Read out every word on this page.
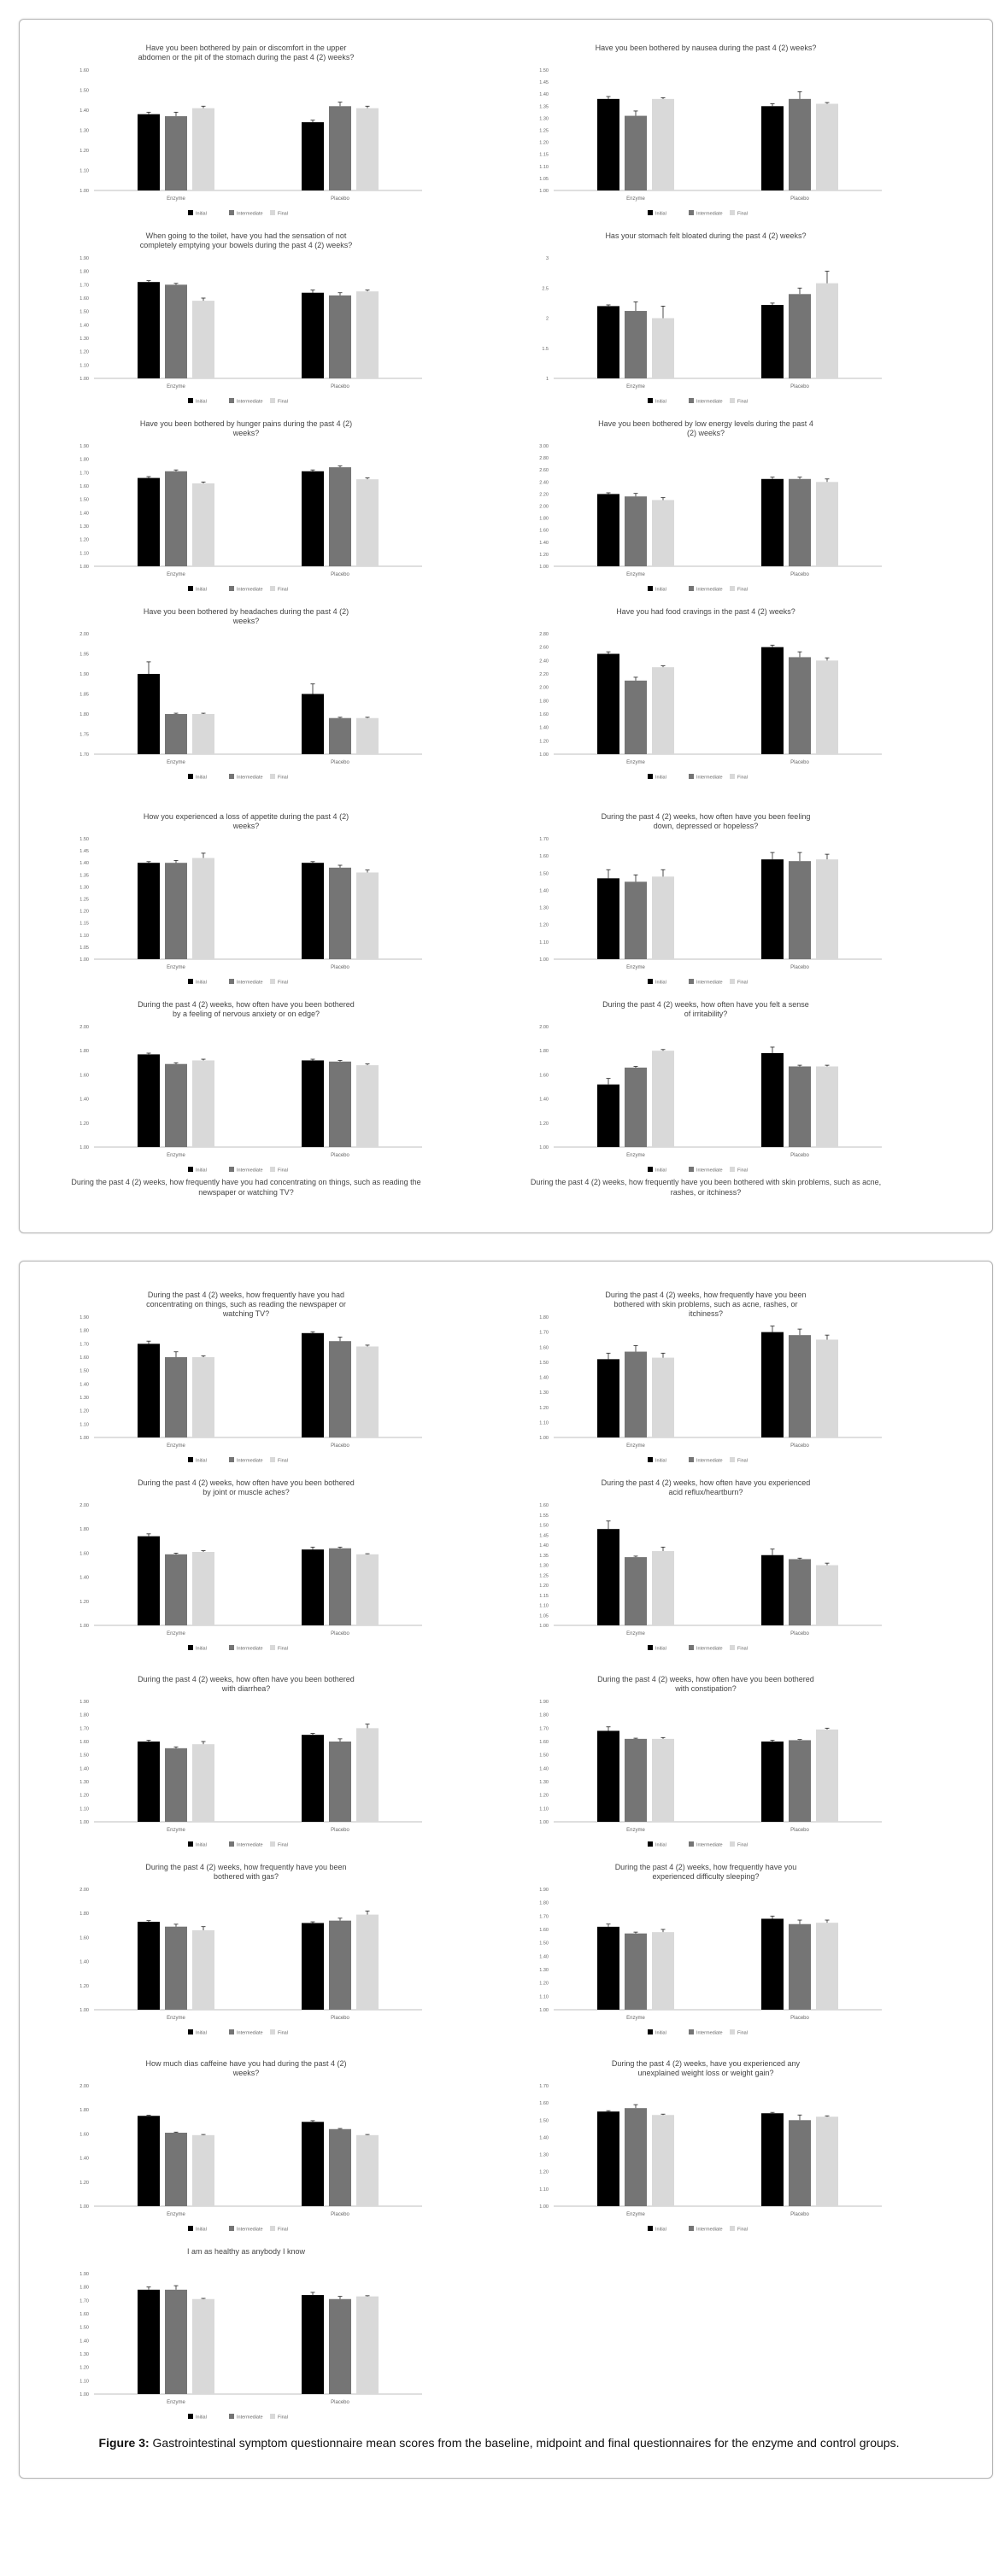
Have you been bothered by pain or discomfort in the upper abdomen or the pit of the stomach during the past 4 (2) weeks?
1.00
1.10
1.20
1.30
1.40
1.50
1.60
Enzyme	Placebo
Initial	Intermediate	Final
Have you been bothered by nausea during the past 4 (2) weeks?
1.00
1.05
1.10
1.15
1.20
1.25
1.30
1.35
1.40
1.45
1.50
Enzyme	Placebo
Initial	Intermediate	Final
When going to the toilet, have you had the sensation of not completely emptying your bowels during the past 4 (2) weeks?
1.00
1.10
1.20
1.30
1.40
1.50
1.60
1.70
1.80
1.90
Enzyme	Placebo
Initial	Intermediate	Final
Has your stomach felt bloated during the past 4 (2) weeks?
1
1.5
2
2.5
3
Enzyme	Placebo
Initial	Intermediate	Final
Have you been bothered by hunger pains during the past 4 (2) weeks?
1.00
1.10
1.20
1.30
1.40
1.50
1.60
1.70
1.80
1.90
Enzyme	Placebo
Initial	Intermediate	Final
Have you been bothered by low energy levels during the past 4 (2) weeks?
1.00
1.20
1.40
1.60
1.80
2.00
2.20
2.40
2.60
2.80
3.00
Enzyme	Placebo
Initial	Intermediate	Final
Have you been bothered by headaches during the past 4 (2) weeks?
1.70
1.75
1.80
1.85
1.90
1.95
2.00
Enzyme	Placebo
Initial	Intermediate	Final
Have you had food cravings in the past 4 (2) weeks?
1.00
1.20
1.40
1.60
1.80
2.00
2.20
2.40
2.60
2.80
Enzyme	Placebo
Initial	Intermediate	Final
How you experienced a loss of appetite during the past 4 (2) weeks?
1.00
1.05
1.10
1.15
1.20
1.25
1.30
1.35
1.40
1.45
1.50
Enzyme	Placebo
Initial	Intermediate	Final
During the past 4 (2) weeks, how often have you been feeling down, depressed or hopeless?
1.00
1.10
1.20
1.30
1.40
1.50
1.60
1.70
Enzyme	Placebo
Initial	Intermediate	Final
During the past 4 (2) weeks, how often have you been bothered by a feeling of nervous anxiety or on edge?
1.00
1.20
1.40
1.60
1.80
2.00
Enzyme	Placebo
Initial	Intermediate	Final
During the past 4 (2) weeks, how often have you felt a sense of irritability?
1.00
1.20
1.40
1.60
1.80
2.00
Enzyme	Placebo
Initial	Intermediate	Final
During the past 4 (2) weeks, how frequently have you had concentrating on things, such as reading the newspaper or watching TV?
1.00
1.10
1.20
1.30
1.40
1.50
1.60
1.70
1.80
1.90
Enzyme	Placebo
Initial	Intermediate	Final
During the past 4 (2) weeks, how frequently have you been bothered with skin problems, such as acne, rashes, or itchiness?
1.00
1.10
1.20
1.30
1.40
1.50
1.60
1.70
1.80
Enzyme	Placebo
Initial	Intermediate	Final
During the past 4 (2) weeks, how often have you been bothered by joint or muscle aches?
1.00
1.20
1.40
1.60
1.80
2.00
Enzyme	Placebo
Initial	Intermediate	Final
During the past 4 (2) weeks, how often have you experienced acid reflux/heartburn?
1.00
1.05
1.10
1.15
1.20
1.25
1.30
1.35
1.40
1.45
1.50
1.55
1.60
Enzyme	Placebo
Initial	Intermediate	Final
During the past 4 (2) weeks, how often have you been bothered with diarrhea?
1.00
1.10
1.20
1.30
1.40
1.50
1.60
1.70
1.80
1.90
Enzyme	Placebo
Initial	Intermediate	Final
During the past 4 (2) weeks, how often have you been bothered with constipation?
1.00
1.10
1.20
1.30
1.40
1.50
1.60
1.70
1.80
1.90
Enzyme	Placebo
Initial	Intermediate	Final
During the past 4 (2) weeks, how frequently have you been bothered with gas?
1.00
1.20
1.40
1.60
1.80
2.00
Enzyme	Placebo
Initial	Intermediate	Final
During the past 4 (2) weeks, how frequently have you experienced difficulty sleeping?
1.00
1.10
1.20
1.30
1.40
1.50
1.60
1.70
1.80
1.90
Enzyme	Placebo
Initial	Intermediate	Final
How much dias caffeine have you had during the past 4 (2) weeks?
1.00
1.20
1.40
1.60
1.80
2.00
Enzyme	Placebo
Initial	Intermediate	Final
During the past 4 (2) weeks, have you experienced any unexplained weight loss or weight gain?
1.00
1.10
1.20
1.30
1.40
1.50
1.60
1.70
Enzyme	Placebo
Initial	Intermediate	Final
I am as healthy as anybody I know
1.00
1.10
1.20
1.30
1.40
1.50
1.60
1.70
1.80
1.90
Enzyme	Placebo
Initial	Intermediate	Final
During the past 4 (2) weeks, how frequently have you had concentrating on things, such as reading the newspaper or watching TV?
During the past 4 (2) weeks, how frequently have you been bothered with skin problems, such as acne, rashes, or itchiness?
Figure 3: Gastrointestinal symptom questionnaire mean scores from the baseline, midpoint and final questionnaires for the enzyme and control groups.
